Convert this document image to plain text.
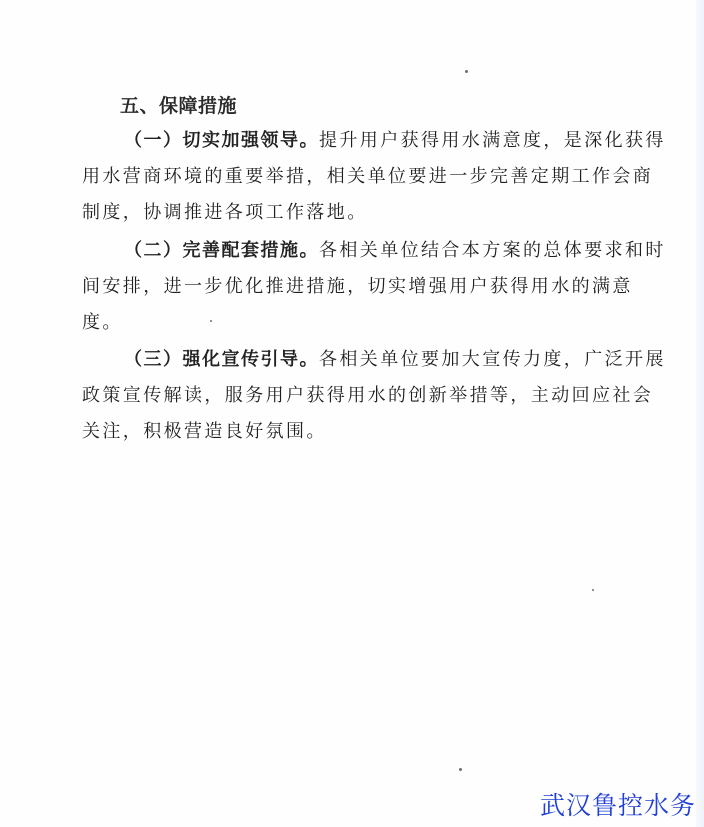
五、保障措施
（一）切实加强领导。提升用户获得用水满意度，是深化获得用水营商环境的重要举措，相关单位要进一步完善定期工作会商制度，协调推进各项工作落地。
（二）完善配套措施。各相关单位结合本方案的总体要求和时间安排，进一步优化推进措施，切实增强用户获得用水的满意度。
（三）强化宣传引导。各相关单位要加大宣传力度，广泛开展政策宣传解读，服务用户获得用水的创新举措等，主动回应社会关注，积极营造良好氛围。
武汉鲁控水务
